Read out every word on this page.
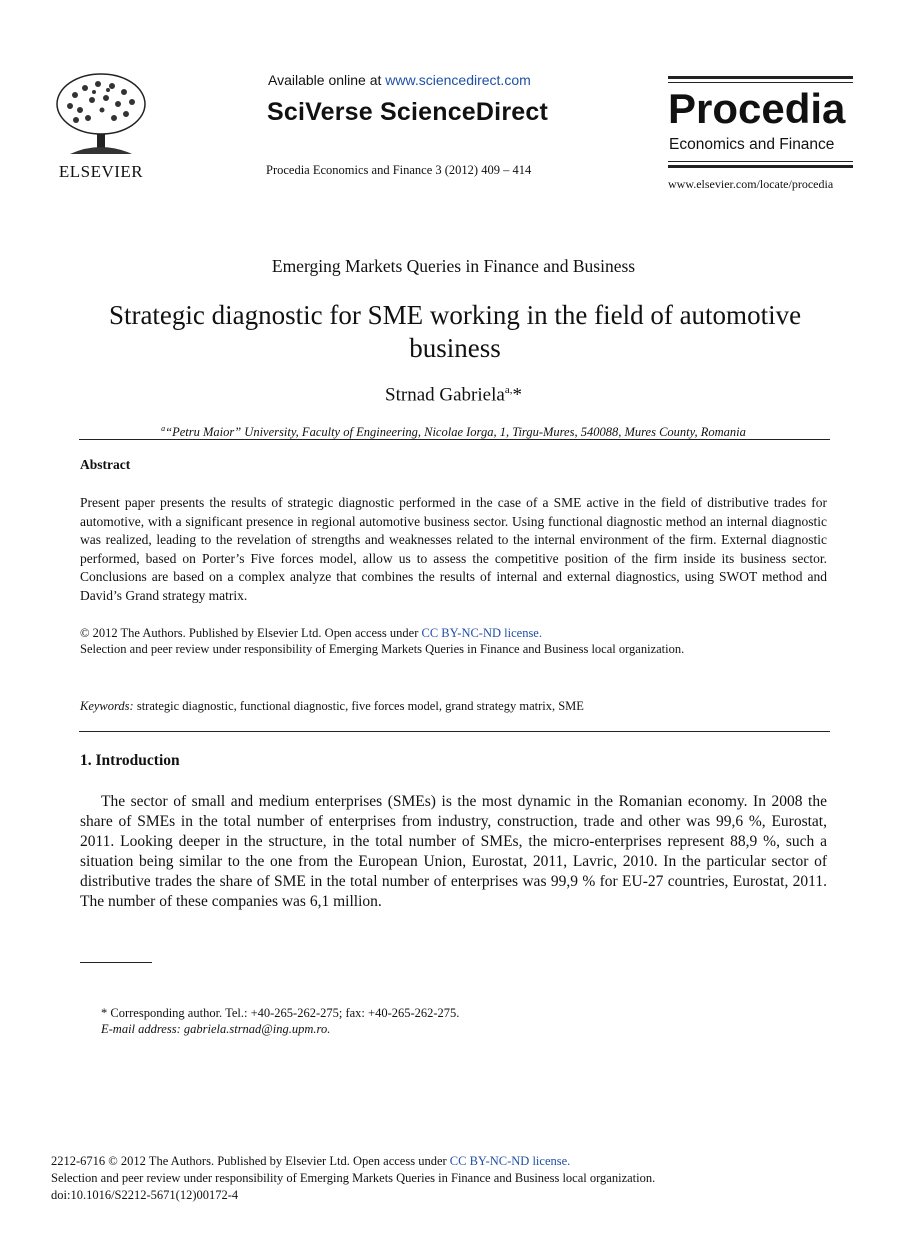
ELSEVIER
Available online at www.sciencedirect.com
SciVerse ScienceDirect
Procedia Economics and Finance 3 (2012) 409 – 414
Procedia
Economics and Finance
www.elsevier.com/locate/procedia
Emerging Markets Queries in Finance and Business
Strategic diagnostic for SME working in the field of automotive
business
Strnad Gabriela$^{a,}$*
$^a$“Petru Maior” University, Faculty of Engineering, Nicolae Iorga, 1, Tirgu-Mures, 540088, Mures County, Romania
Abstract
Present paper presents the results of strategic diagnostic performed in the case of a SME active in the field of distributive trades for automotive, with a significant presence in regional automotive business sector. Using functional diagnostic method an internal diagnostic was realized, leading to the revelation of strengths and weaknesses related to the internal environment of the firm. External diagnostic performed, based on Porter’s Five forces model, allow us to assess the competitive position of the firm inside its business sector. Conclusions are based on a complex analyze that combines the results of internal and external diagnostics, using SWOT method and David’s Grand strategy matrix.
© 2012 The Authors. Published by Elsevier Ltd. Open access under CC BY-NC-ND license.
Selection and peer review under responsibility of Emerging Markets Queries in Finance and Business local organization.
Keywords: strategic diagnostic, functional diagnostic, five forces model, grand strategy matrix, SME
1. Introduction
The sector of small and medium enterprises (SMEs) is the most dynamic in the Romanian economy. In 2008 the share of SMEs in the total number of enterprises from industry, construction, trade and other was 99,6 %, Eurostat, 2011. Looking deeper in the structure, in the total number of SMEs, the micro-enterprises represent 88,9 %, such a situation being similar to the one from the European Union, Eurostat, 2011, Lavric, 2010. In the particular sector of distributive trades the share of SME in the total number of enterprises was 99,9 % for EU-27 countries, Eurostat, 2011. The number of these companies was 6,1 million.
* Corresponding author. Tel.: +40-265-262-275; fax: +40-265-262-275.
E-mail address: gabriela.strnad@ing.upm.ro.
2212-6716 © 2012 The Authors. Published by Elsevier Ltd. Open access under CC BY-NC-ND license.
Selection and peer review under responsibility of Emerging Markets Queries in Finance and Business local organization.
doi:10.1016/S2212-5671(12)00172-4
